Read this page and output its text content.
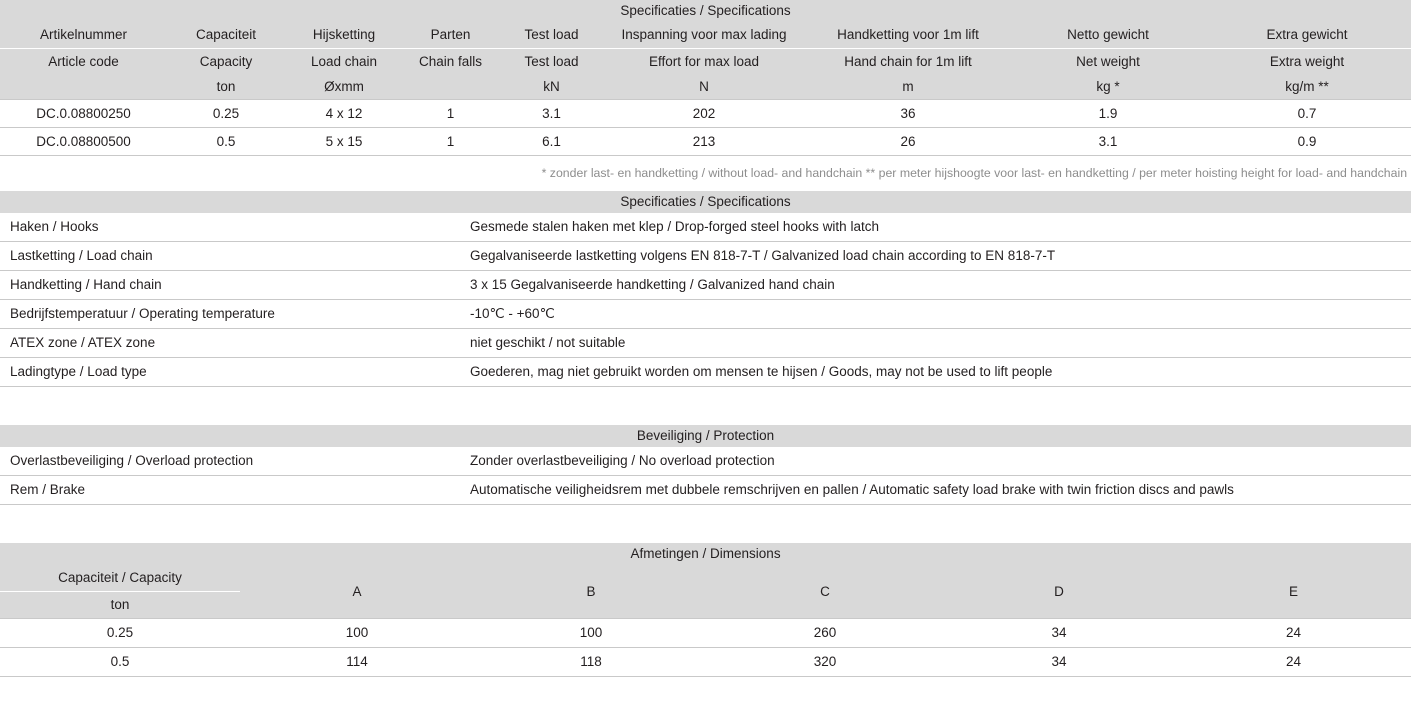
Specificaties / Specifications								
Artikelnummer	Capaciteit	Hijsketting	Parten	Test load	Inspanning voor max lading	Handketting voor 1m lift	Netto gewicht	Extra gewicht
Article code	Capacity	Load chain	Chain falls	Test load	Effort for max load	Hand chain for 1m lift	Net weight	Extra weight
	ton	Øxmm		kN	N	m	kg *	kg/m **
DC.0.08800250	0.25	4 x 12	1	3.1	202	36	1.9	0.7
DC.0.08800500	0.5	5 x 15	1	6.1	213	26	3.1	0.9
* zonder last- en handketting / without load- and handchain ** per meter hijshoogte voor last- en handketting / per meter hoisting height for load- and handchain								
Specificaties / Specifications	
Haken / Hooks	Gesmede stalen haken met klep / Drop-forged steel hooks with latch
Lastketting / Load chain	Gegalvaniseerde lastketting volgens EN 818-7-T / Galvanized load chain according to EN 818-7-T
Handketting / Hand chain	3 x 15 Gegalvaniseerde handketting / Galvanized hand chain
Bedrijfstemperatuur / Operating temperature	-10℃ - +60℃
ATEX zone / ATEX zone	niet geschikt / not suitable
Ladingtype / Load type	Goederen, mag niet gebruikt worden om mensen te hijsen / Goods, may not be used to lift people
Beveiliging / Protection	
Overlastbeveiliging / Overload protection	Zonder overlastbeveiliging / No overload protection
Rem / Brake	Automatische veiligheidsrem met dubbele remschrijven en pallen / Automatic safety load brake with twin friction discs and pawls
Afmetingen / Dimensions					
Capaciteit / Capacity	A	B	C	D	E
ton					
0.25	100	100	260	34	24
0.5	114	118	320	34	24
